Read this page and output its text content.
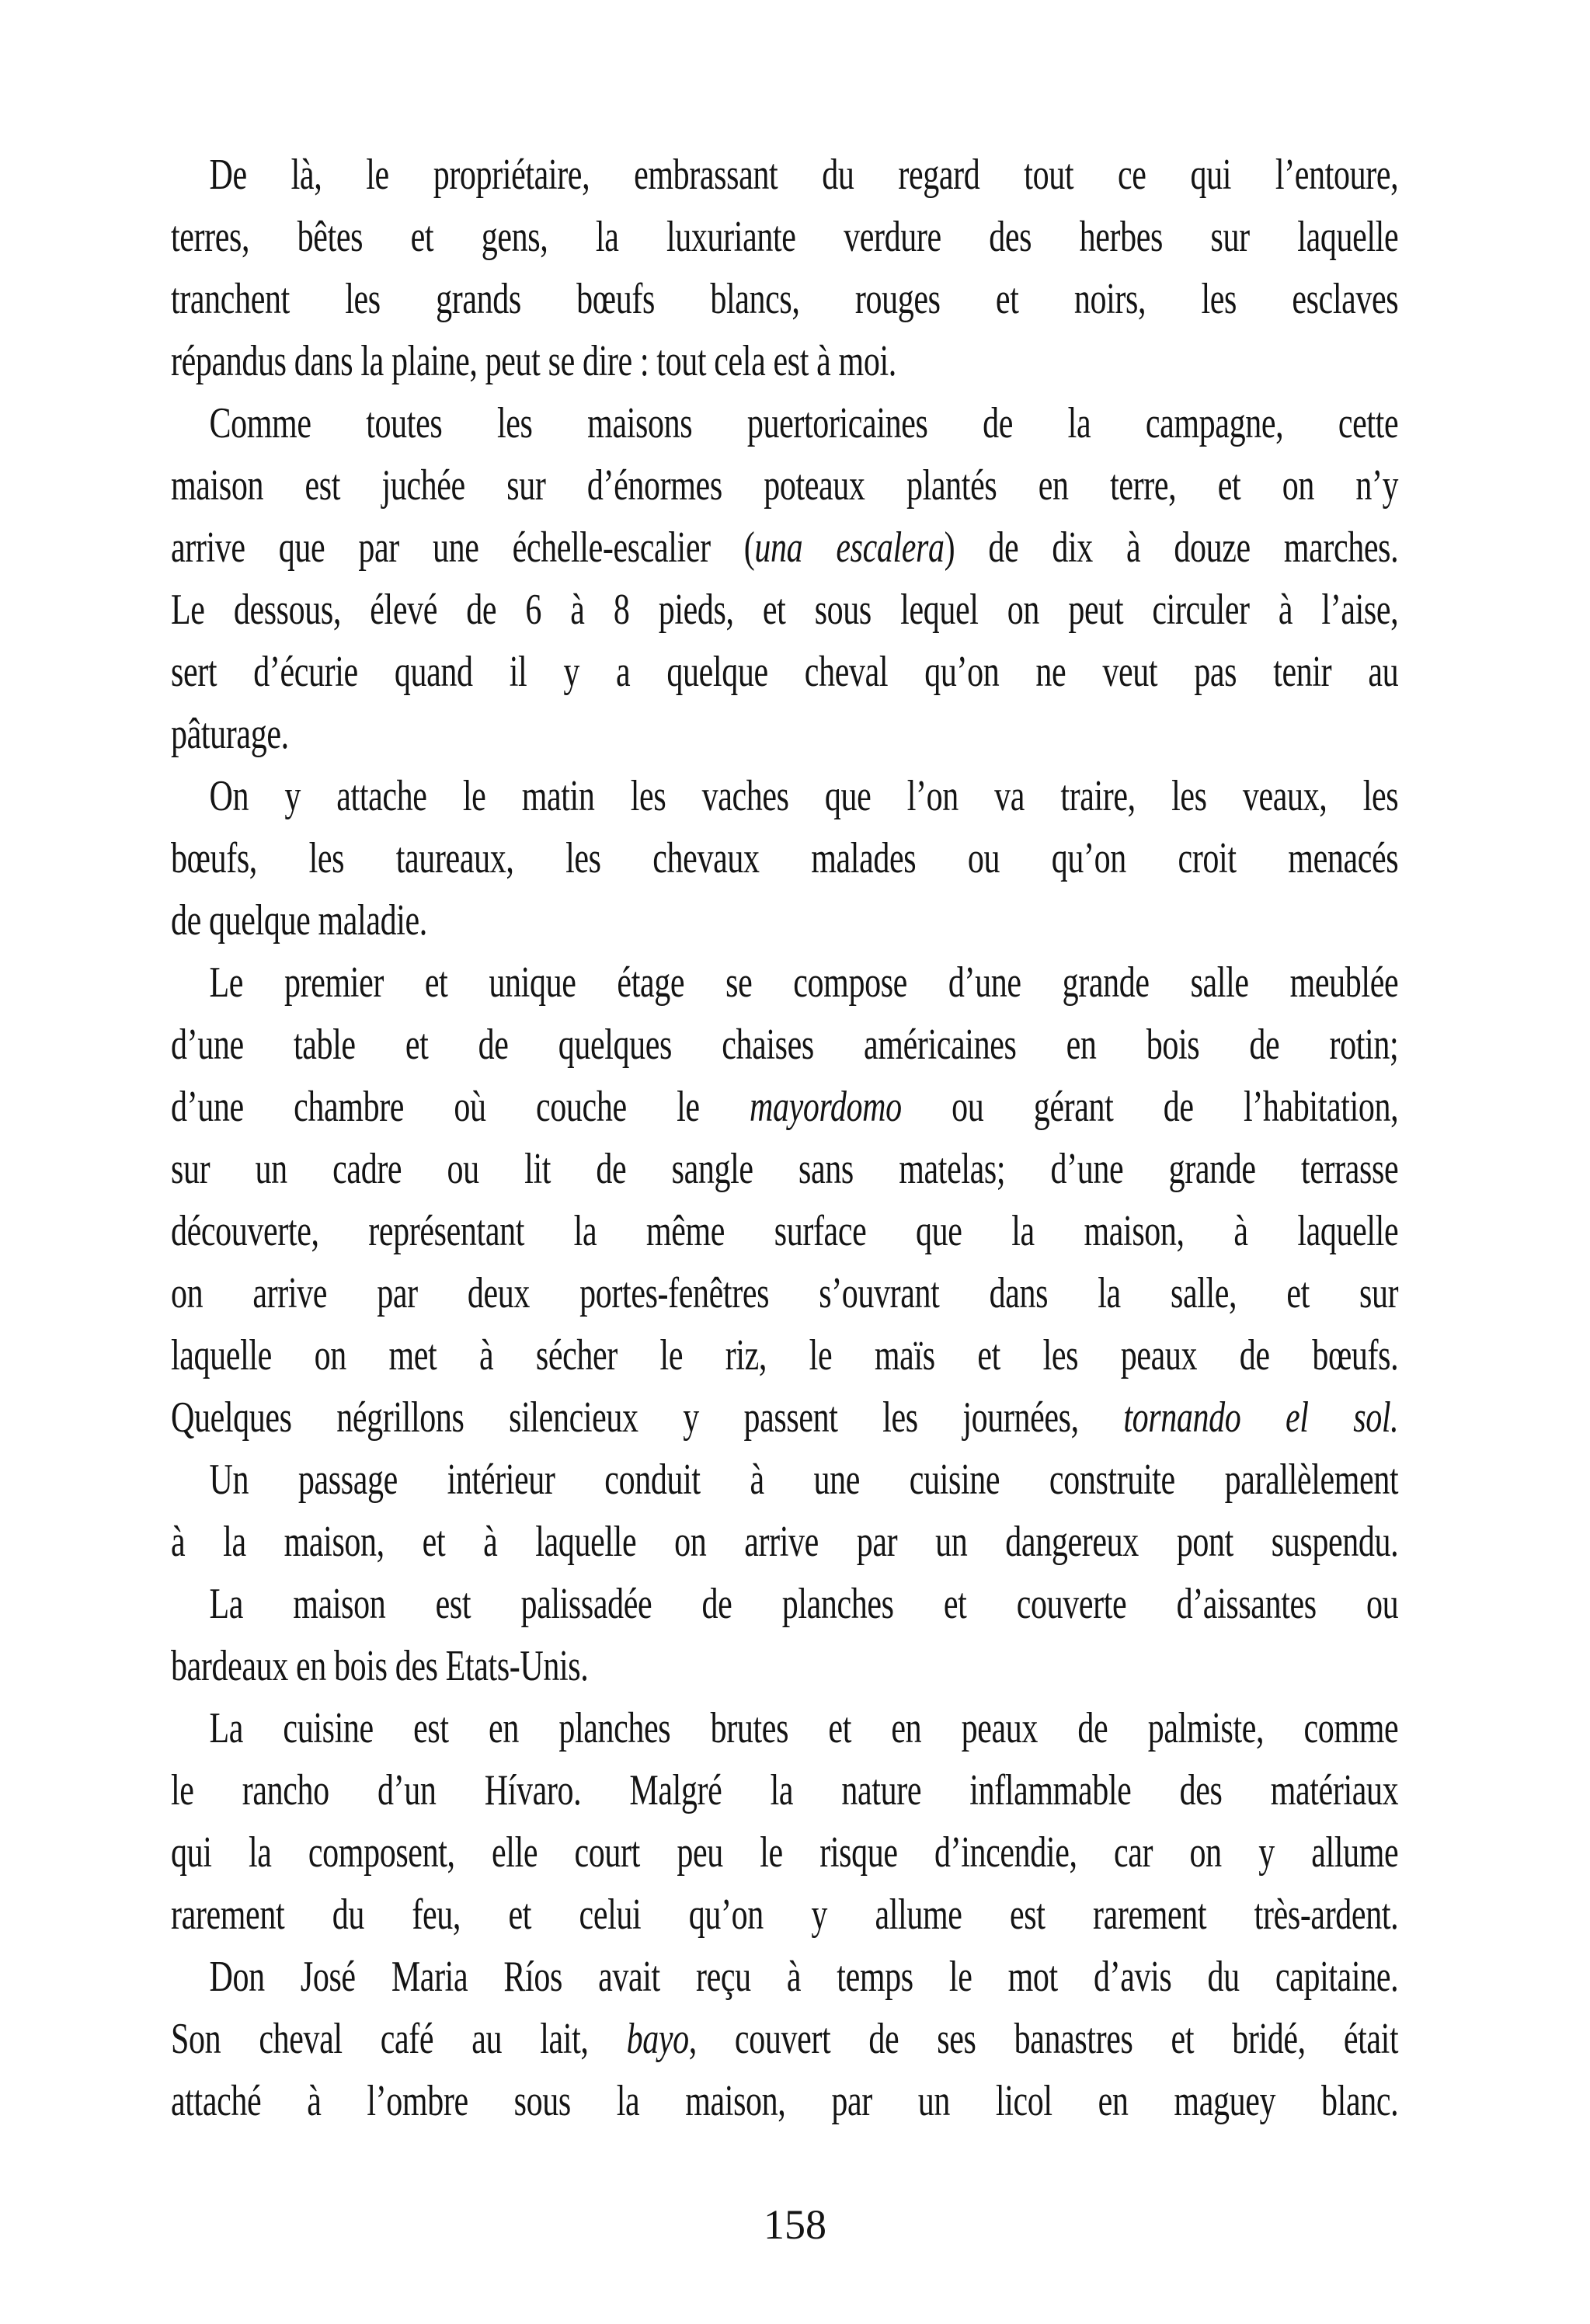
De là, le propriétaire, embrassant du regard tout ce qui l’entoure,
terres, bêtes et gens, la luxuriante verdure des herbes sur laquelle
tranchent les grands bœufs blancs, rouges et noirs, les esclaves
répandus dans la plaine, peut se dire : tout cela est à moi.
Comme toutes les maisons puertoricaines de la campagne, cette
maison est juchée sur d’énormes poteaux plantés en terre, et on n’y
arrive que par une échelle-escalier (una escalera) de dix à douze marches.
Le dessous, élevé de 6 à 8 pieds, et sous lequel on peut circuler à l’aise,
sert d’écurie quand il y a quelque cheval qu’on ne veut pas tenir au
pâturage.
On y attache le matin les vaches que l’on va traire, les veaux, les
bœufs, les taureaux, les chevaux malades ou qu’on croit menacés
de quelque maladie.
Le premier et unique étage se compose d’une grande salle meublée
d’une table et de quelques chaises américaines en bois de rotin;
d’une chambre où couche le mayordomo ou gérant de l’habitation,
sur un cadre ou lit de sangle sans matelas; d’une grande terrasse
découverte, représentant la même surface que la maison, à laquelle
on arrive par deux portes-fenêtres s’ouvrant dans la salle, et sur
laquelle on met à sécher le riz, le maïs et les peaux de bœufs.
Quelques négrillons silencieux y passent les journées, tornando el sol.
Un passage intérieur conduit à une cuisine construite parallèlement
à la maison, et à laquelle on arrive par un dangereux pont suspendu.
La maison est palissadée de planches et couverte d’aissantes ou
bardeaux en bois des Etats-Unis.
La cuisine est en planches brutes et en peaux de palmiste, comme
le rancho d’un Hívaro. Malgré la nature inflammable des matériaux
qui la composent, elle court peu le risque d’incendie, car on y allume
rarement du feu, et celui qu’on y allume est rarement très-ardent.
Don José Maria Ríos avait reçu à temps le mot d’avis du capitaine.
Son cheval café au lait, bayo, couvert de ses banastres et bridé, était
attaché à l’ombre sous la maison, par un licol en maguey blanc.
158
